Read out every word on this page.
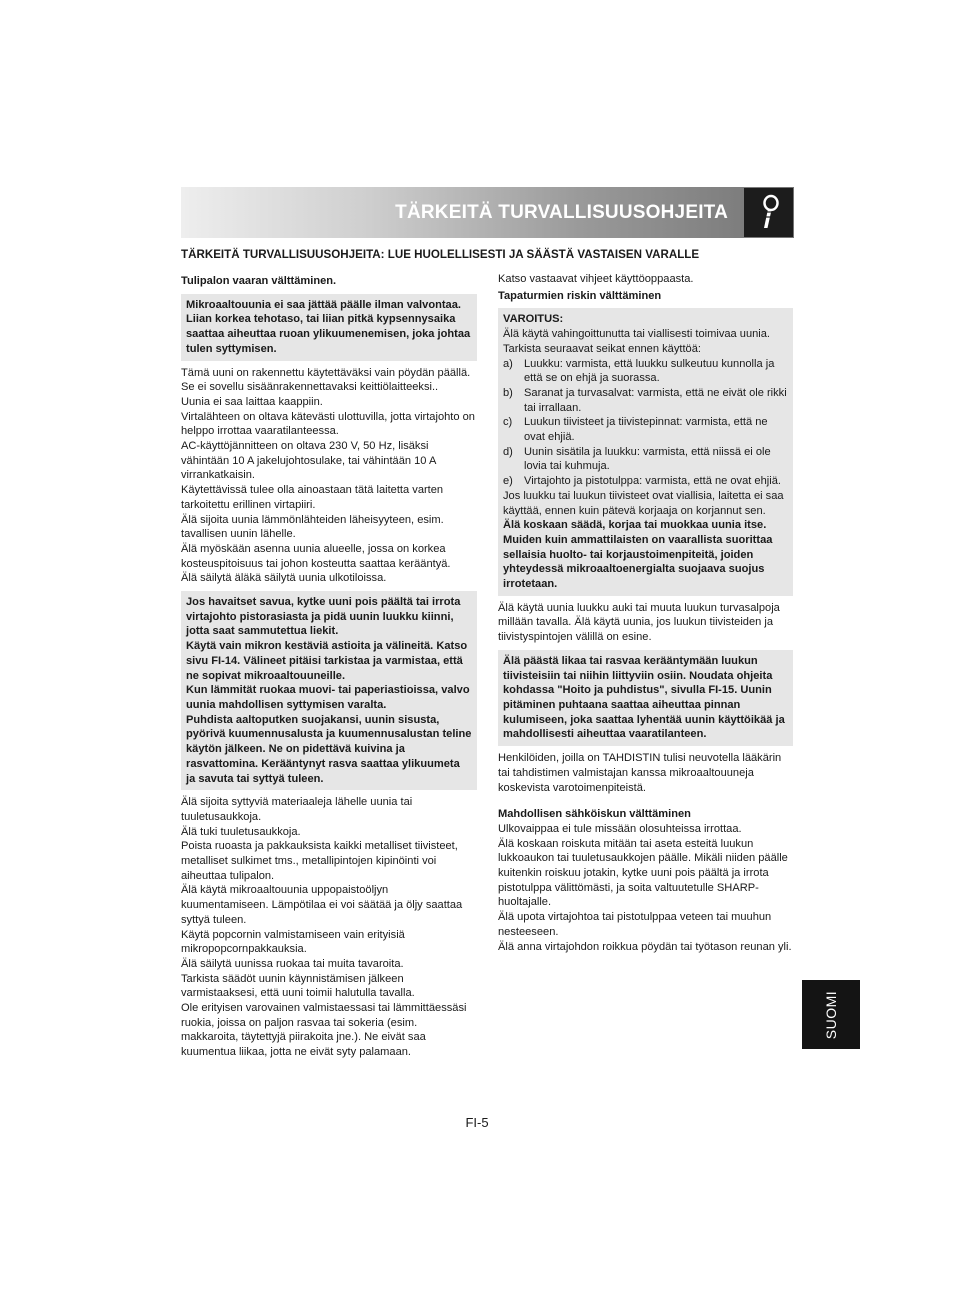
TÄRKEITÄ TURVALLISUUSOHJEITA
TÄRKEITÄ TURVALLISUUSOHJEITA: LUE HUOLELLISESTI JA SÄÄSTÄ VASTAISEN VARALLE

Tulipalon vaaran välttäminen.

Mikroaaltouunia ei saa jättää päälle ilman valvontaa. Liian korkea tehotaso, tai liian pitkä kypsennysaika saattaa aiheuttaa ruoan ylikuumenemisen, joka johtaa tulen syttymisen.

Tämä uuni on rakennettu käytettäväksi vain pöydän päällä. Se ei sovellu sisäänrakennettavaksi keittiölaitteeksi..

Uunia ei saa laittaa kaappiin.

Virtalähteen on oltava kätevästi ulottuvilla, jotta virtajohto on helppo irrottaa vaaratilanteessa.

AC-käyttöjännitteen on oltava 230 V, 50 Hz, lisäksi vähintään 10 A jakelujohtosulake, tai vähintään 10 A virrankatkaisin.

Käytettävissä tulee olla ainoastaan tätä laitetta varten tarkoitettu erillinen virtapiiri.

Älä sijoita uunia lämmönlähteiden läheisyyteen, esim. tavallisen uunin lähelle.

Älä myöskään asenna uunia alueelle, jossa on korkea kosteuspitoisuus tai johon kosteutta saattaa kerääntyä.

Älä säilytä äläkä säilytä uunia ulkotiloissa.

Jos havaitset savua, kytke uuni pois päältä tai irrota virtajohto pistorasiasta ja pidä uunin luukku kiinni, jotta saat sammutettua liekit.

Käytä vain mikron kestäviä astioita ja välineitä. Katso sivu FI-14. Välineet pitäisi tarkistaa ja varmistaa, että ne sopivat mikroaaltouuneille.

Kun lämmität ruokaa muovi- tai paperiastioissa, valvo uunia mahdollisen syttymisen varalta.

Puhdista aaltoputken suojakansi, uunin sisusta, pyörivä kuumennusalusta ja kuumennusalustan teline käytön jälkeen. Ne on pidettävä kuivina ja rasvattomina. Kerääntynyt rasva saattaa ylikuumeta ja savuta tai syttyä tuleen.

Älä sijoita syttyviä materiaaleja lähelle uunia tai tuuletusaukkoja.

Älä tuki tuuletusaukkoja.

Poista ruoasta ja pakkauksista kaikki metalliset tiivisteet, metalliset sulkimet tms., metallipintojen kipinöinti voi aiheuttaa tulipalon.

Älä käytä mikroaaltouunia uppopaistoöljyn kuumentamiseen. Lämpötilaa ei voi säätää ja öljy saattaa syttyä tuleen.

Käytä popcornin valmistamiseen vain erityisiä mikropopcornpakkauksia.

Älä säilytä uunissa ruokaa tai muita tavaroita.

Tarkista säädöt uunin käynnistämisen jälkeen varmistaaksesi, että uuni toimii halutulla tavalla.

Ole erityisen varovainen valmistaessasi tai lämmittäessäsi ruokia, joissa on paljon rasvaa tai sokeria (esim. makkaroita, täytettyjä piirakoita jne.). Ne eivät saa kuumentua liikaa, jotta ne eivät syty palamaan.

Katso vastaavat vihjeet käyttöoppaasta.

Tapaturmien riskin välttäminen

VAROITUS:

Älä käytä vahingoittunutta tai viallisesti toimivaa uunia. Tarkista seuraavat seikat ennen käyttöä:

a)	Luukku: varmista, että luukku sulkeutuu kunnolla ja että se on ehjä ja suorassa.
b)	Saranat ja turvasalvat: varmista, että ne eivät ole rikki tai irrallaan.
c)	Luukun tiivisteet ja tiivistepinnat: varmista, että ne ovat ehjiä.
d)	Uunin sisätila ja luukku: varmista, että niissä ei ole lovia tai kuhmuja.
e)	Virtajohto ja pistotulppa: varmista, että ne ovat ehjiä.

Jos luukku tai luukun tiivisteet ovat viallisia, laitetta ei saa käyttää, ennen kuin pätevä korjaaja on korjannut sen.

Älä koskaan säädä, korjaa tai muokkaa uunia itse. Muiden kuin ammattilaisten on vaarallista suorittaa sellaisia huolto- tai korjaustoimenpiteitä, joiden yhteydessä mikroaaltoenergialta suojaava suojus irrotetaan.

Älä käytä uunia luukku auki tai muuta luukun turvasalpoja millään tavalla. Älä käytä uunia, jos luukun tiivisteiden ja tiivistyspintojen välillä on esine.

Älä päästä likaa tai rasvaa kerääntymään luukun tiivisteisiin tai niihin liittyviin osiin. Noudata ohjeita kohdassa "Hoito ja puhdistus", sivulla FI-15. Uunin pitäminen puhtaana saattaa aiheuttaa pinnan kulumiseen, joka saattaa lyhentää uunin käyttöikää ja mahdollisesti aiheuttaa vaaratilanteen.

Henkilöiden, joilla on TAHDISTIN tulisi neuvotella lääkärin tai tahdistimen valmistajan kanssa mikroaaltouuneja koskevista varotoimenpiteistä.

Mahdollisen sähköiskun välttäminen

Ulkovaippaa ei tule missään olosuhteissa irrottaa.

Älä koskaan roiskuta mitään tai aseta esteitä luukun lukkoaukon tai tuuletusaukkojen päälle. Mikäli niiden päälle kuitenkin roiskuu jotakin, kytke uuni pois päältä ja irrota pistotulppa välittömästi, ja soita valtuutetulle SHARP-huoltajalle.

Älä upota virtajohtoa tai pistotulppaa veteen tai muuhun nesteeseen.

Älä anna virtajohdon roikkua pöydän tai työtason reunan yli.

SUOMI
FI-5
